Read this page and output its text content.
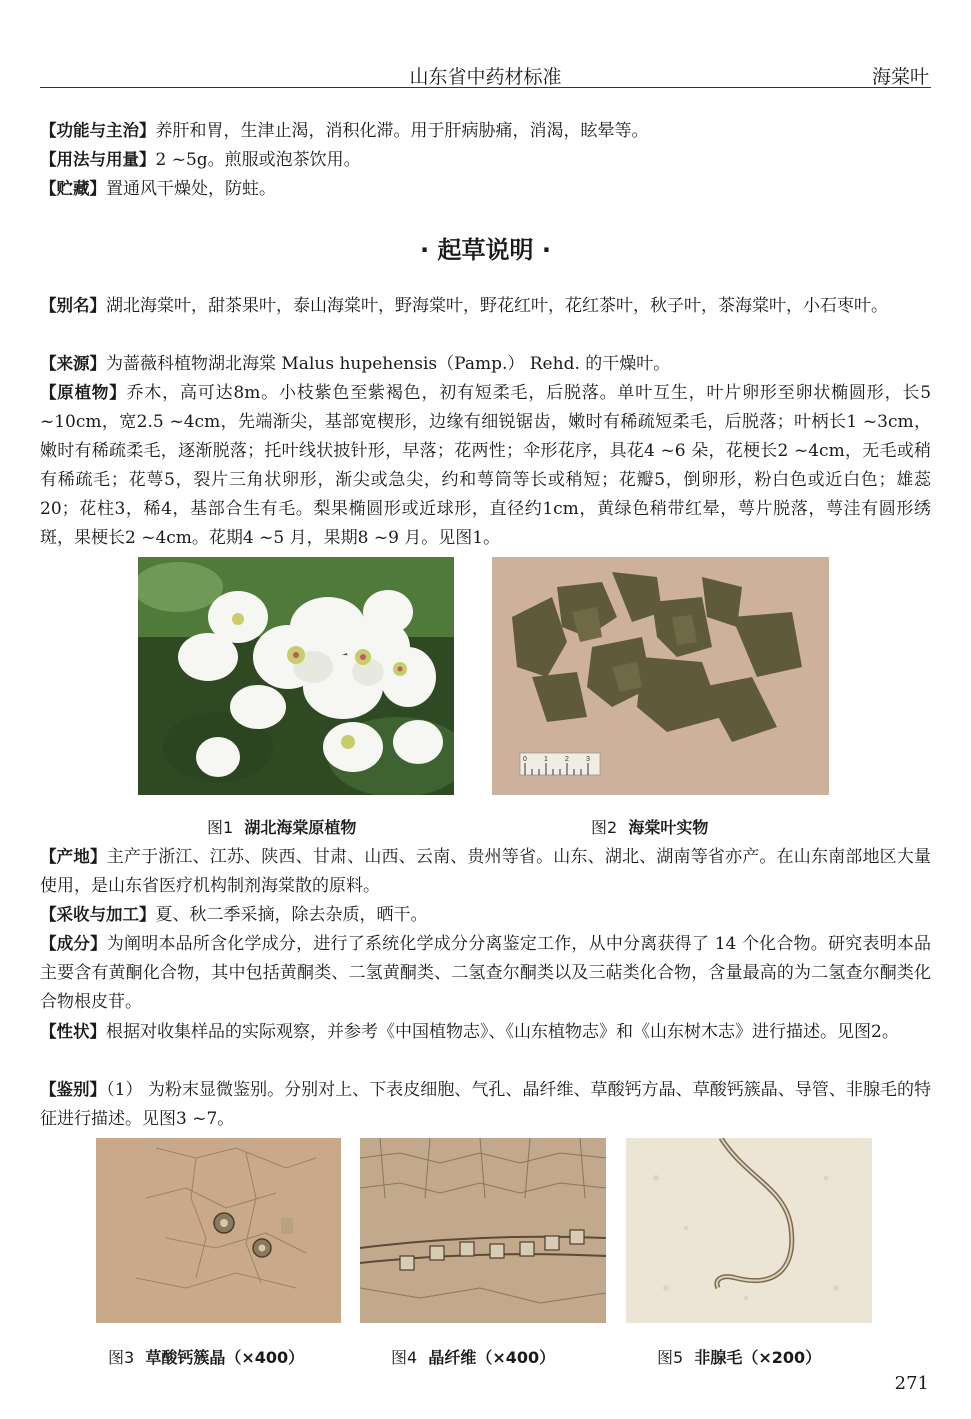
山东省中药材标准	海棠叶
【功能与主治】养肝和胃，生津止渴，消积化滞。用于肝病胁痛，消渴，眩晕等。
【用法与用量】2 ~5g。煎服或泡茶饮用。
【贮藏】置通风干燥处，防蛀。
· 起草说明 ·
【别名】湖北海棠叶，甜茶果叶，泰山海棠叶，野海棠叶，野花红叶，花红茶叶，秋子叶，茶海棠叶，小石枣叶。
【来源】为蔷薇科植物湖北海棠 Malus hupehensis（Pamp.） Rehd. 的干燥叶。
【原植物】乔木，高可达8m。小枝紫色至紫褐色，初有短柔毛，后脱落。单叶互生，叶片卵形至卵状椭圆形，长5 ~10cm，宽2.5 ~4cm，先端渐尖，基部宽楔形，边缘有细锐锯齿，嫩时有稀疏短柔毛，后脱落；叶柄长1 ~3cm，嫩时有稀疏柔毛，逐渐脱落；托叶线状披针形，早落；花两性；伞形花序，具花4 ~6 朵，花梗长2 ~4cm，无毛或稍有稀疏毛；花萼5，裂片三角状卵形，渐尖或急尖，约和萼筒等长或稍短；花瓣5，倒卵形，粉白色或近白色；雄蕊20；花柱3，稀4，基部合生有毛。梨果椭圆形或近球形，直径约1cm，黄绿色稍带红晕，萼片脱落，萼洼有圆形绣斑，果梗长2 ~4cm。花期4 ~5 月，果期8 ~9 月。见图1。
0 1 2 3
图1 湖北海棠原植物	图2 海棠叶实物
【产地】主产于浙江、江苏、陕西、甘肃、山西、云南、贵州等省。山东、湖北、湖南等省亦产。在山东南部地区大量使用，是山东省医疗机构制剂海棠散的原料。
【采收与加工】夏、秋二季采摘，除去杂质，晒干。
【成分】为阐明本品所含化学成分，进行了系统化学成分分离鉴定工作，从中分离获得了 14 个化合物。研究表明本品主要含有黄酮化合物，其中包括黄酮类、二氢黄酮类、二氢查尔酮类以及三萜类化合物，含量最高的为二氢查尔酮类化合物根皮苷。
【性状】根据对收集样品的实际观察，并参考《中国植物志》、《山东植物志》和《山东树木志》进行描述。见图2。
【鉴别】（1） 为粉末显微鉴别。分别对上、下表皮细胞、气孔、晶纤维、草酸钙方晶、草酸钙簇晶、导管、非腺毛的特征进行描述。见图3 ~7。
图3 草酸钙簇晶（×400）	图4 晶纤维（×400）	图5 非腺毛（×200）
271
